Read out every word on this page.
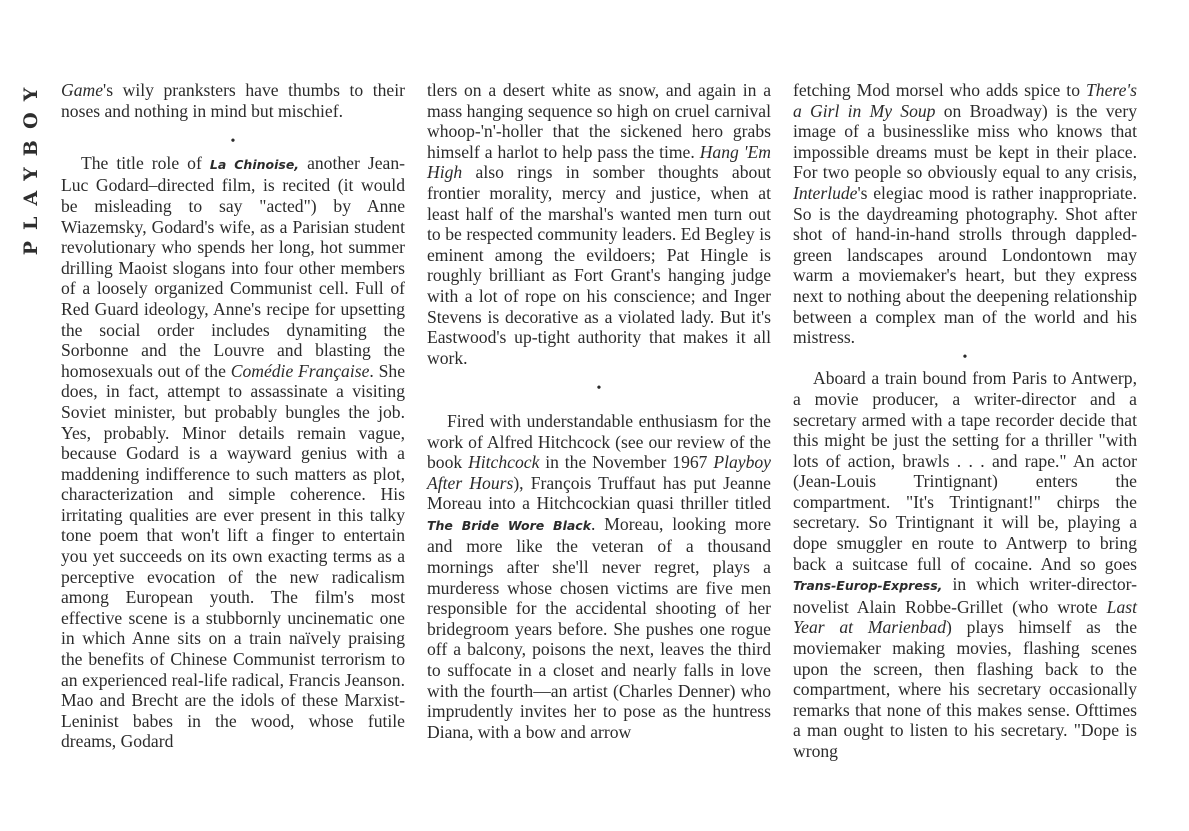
PLAYBOY Game's wily pranksters have thumbs to their noses and nothing in mind but mischief.

•

The title role of La Chinoise, another Jean-Luc Godard–directed film, is recited (it would be misleading to say "acted") by Anne Wiazemsky, Godard's wife, as a Parisian student revolutionary who spends her long, hot summer drilling Maoist slogans into four other members of a loosely organized Communist cell. Full of Red Guard ideology, Anne's recipe for upsetting the social order includes dynamiting the Sorbonne and the Louvre and blasting the homosexuals out of the Comédie Française. She does, in fact, attempt to assassinate a visiting Soviet minister, but probably bungles the job. Yes, probably. Minor details remain vague, because Godard is a wayward genius with a maddening indifference to such matters as plot, characterization and simple coherence. His irritating qualities are ever present in this talky tone poem that won't lift a finger to entertain you yet succeeds on its own exacting terms as a perceptive evocation of the new radicalism among European youth. The film's most effective scene is a stubbornly uncinematic one in which Anne sits on a train naïvely praising the benefits of Chinese Communist terrorism to an experienced real-life radical, Francis Jeanson. Mao and Brecht are the idols of these Marxist-Leninist babes in the wood, whose futile dreams, Godard

tlers on a desert white as snow, and again in a mass hanging sequence so high on cruel carnival whoop-'n'-holler that the sickened hero grabs himself a harlot to help pass the time. Hang 'Em High also rings in somber thoughts about frontier morality, mercy and justice, when at least half of the marshal's wanted men turn out to be respected community leaders. Ed Begley is eminent among the evildoers; Pat Hingle is roughly brilliant as Fort Grant's hanging judge with a lot of rope on his conscience; and Inger Stevens is decorative as a violated lady. But it's Eastwood's up-tight authority that makes it all work.

•

Fired with understandable enthusiasm for the work of Alfred Hitchcock (see our review of the book Hitchcock in the November 1967 Playboy After Hours), François Truffaut has put Jeanne Moreau into a Hitchcockian quasi thriller titled The Bride Wore Black. Moreau, looking more and more like the veteran of a thousand mornings after she'll never regret, plays a murderess whose chosen victims are five men responsible for the accidental shooting of her bridegroom years before. She pushes one rogue off a balcony, poisons the next, leaves the third to suffocate in a closet and nearly falls in love with the fourth—an artist (Charles Denner) who imprudently invites her to pose as the huntress Diana, with a bow and arrow

fetching Mod morsel who adds spice to There's a Girl in My Soup on Broadway) is the very image of a businesslike miss who knows that impossible dreams must be kept in their place. For two people so obviously equal to any crisis, Interlude's elegiac mood is rather inappropriate. So is the daydreaming photography. Shot after shot of hand-in-hand strolls through dappled-green landscapes around Londontown may warm a moviemaker's heart, but they express next to nothing about the deepening relationship between a complex man of the world and his mistress.

•

Aboard a train bound from Paris to Antwerp, a movie producer, a writer-director and a secretary armed with a tape recorder decide that this might be just the setting for a thriller "with lots of action, brawls . . . and rape." An actor (Jean-Louis Trintignant) enters the compartment. "It's Trintignant!" chirps the secretary. So Trintignant it will be, playing a dope smuggler en route to Antwerp to bring back a suitcase full of cocaine. And so goes Trans-Europ-Express, in which writer-director-novelist Alain Robbe-Grillet (who wrote Last Year at Marienbad) plays himself as the moviemaker making movies, flashing scenes upon the screen, then flashing back to the compartment, where his secretary occasionally remarks that none of this makes sense. Ofttimes a man ought to listen to his secretary. "Dope is wrong
